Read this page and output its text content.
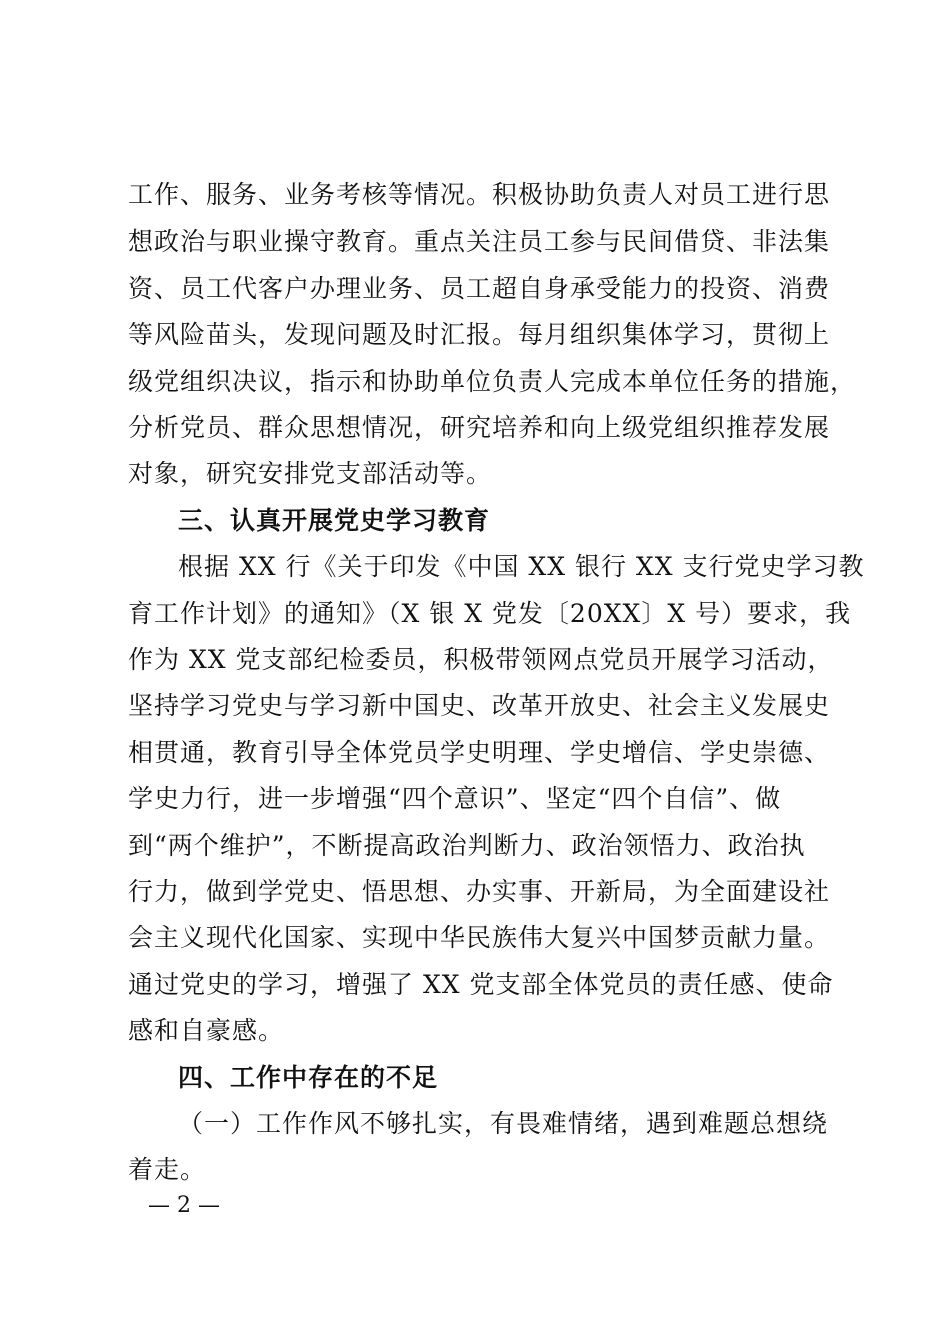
工作、服务、业务考核等情况。积极协助负责人对员工进行思
想政治与职业操守教育。重点关注员工参与民间借贷、非法集
资、员工代客户办理业务、员工超自身承受能力的投资、消费
等风险苗头，发现问题及时汇报。每月组织集体学习，贯彻上
级党组织决议，指示和协助单位负责人完成本单位任务的措施，
分析党员、群众思想情况，研究培养和向上级党组织推荐发展
对象，研究安排党支部活动等。
三、认真开展党史学习教育
根据 XX 行《关于印发《中国 XX 银行 XX 支行党史学习教
育工作计划》的通知》（X 银 X 党发〔20XX〕X 号）要求，我
作为 XX 党支部纪检委员，积极带领网点党员开展学习活动，
坚持学习党史与学习新中国史、改革开放史、社会主义发展史
相贯通，教育引导全体党员学史明理、学史增信、学史崇德、
学史力行，进一步增强“四个意识”、坚定“四个自信”、做
到“两个维护”，不断提高政治判断力、政治领悟力、政治执
行力，做到学党史、悟思想、办实事、开新局，为全面建设社
会主义现代化国家、实现中华民族伟大复兴中国梦贡献力量。
通过党史的学习，增强了 XX 党支部全体党员的责任感、使命
感和自豪感。
四、工作中存在的不足
（一）工作作风不够扎实，有畏难情绪，遇到难题总想绕
着走。
— 2 —
